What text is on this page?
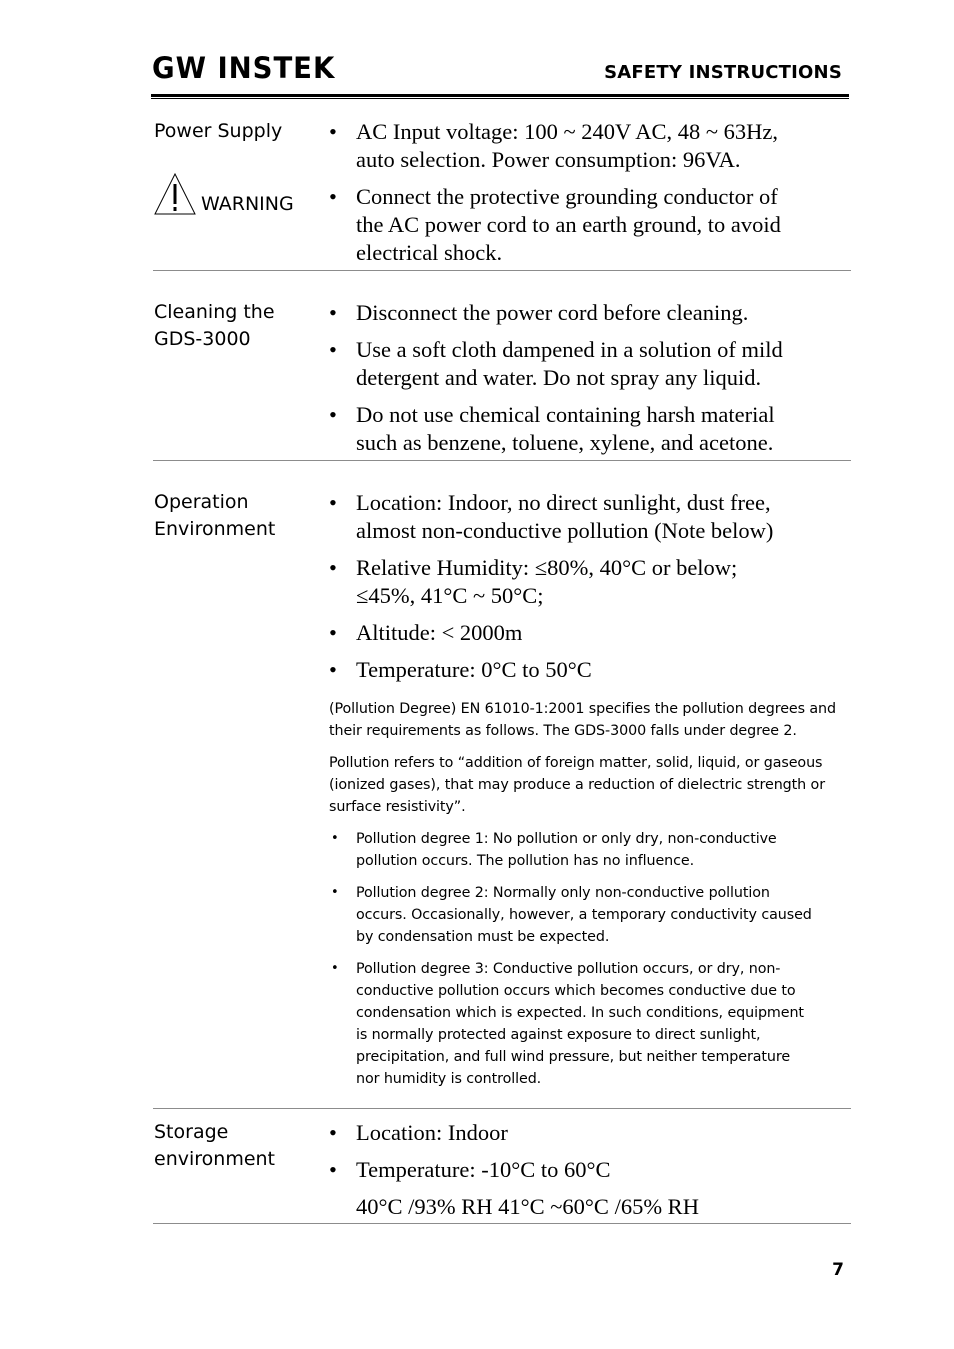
GW INSTEK	SAFETY INSTRUCTIONS
Power Supply
WARNING
• AC Input voltage: 100 ~ 240V AC, 48 ~ 63Hz,
auto selection. Power consumption: 96VA.
• Connect the protective grounding conductor of
the AC power cord to an earth ground, to avoid
electrical shock.
Cleaning the
GDS-3000
• Disconnect the power cord before cleaning.
• Use a soft cloth dampened in a solution of mild
detergent and water. Do not spray any liquid.
• Do not use chemical containing harsh material
such as benzene, toluene, xylene, and acetone.
Operation
Environment
• Location: Indoor, no direct sunlight, dust free,
almost non-conductive pollution (Note below)
• Relative Humidity: ≤80%, 40°C or below;
≤45%, 41°C ~ 50°C;
• Altitude: < 2000m
• Temperature: 0°C to 50°C
(Pollution Degree) EN 61010-1:2001 specifies the pollution degrees and their requirements as follows. The GDS-3000 falls under degree 2.
Pollution refers to “addition of foreign matter, solid, liquid, or gaseous (ionized gases), that may produce a reduction of dielectric strength or surface resistivity”.
• Pollution degree 1: No pollution or only dry, non-conductive
pollution occurs. The pollution has no influence.
• Pollution degree 2: Normally only non-conductive pollution
occurs. Occasionally, however, a temporary conductivity caused
by condensation must be expected.
• Pollution degree 3: Conductive pollution occurs, or dry, non-
conductive pollution occurs which becomes conductive due to
condensation which is expected. In such conditions, equipment
is normally protected against exposure to direct sunlight,
precipitation, and full wind pressure, but neither temperature
nor humidity is controlled.
Storage
environment
• Location: Indoor
• Temperature: -10°C to 60°C
40°C /93% RH 41°C ~60°C /65% RH
7
